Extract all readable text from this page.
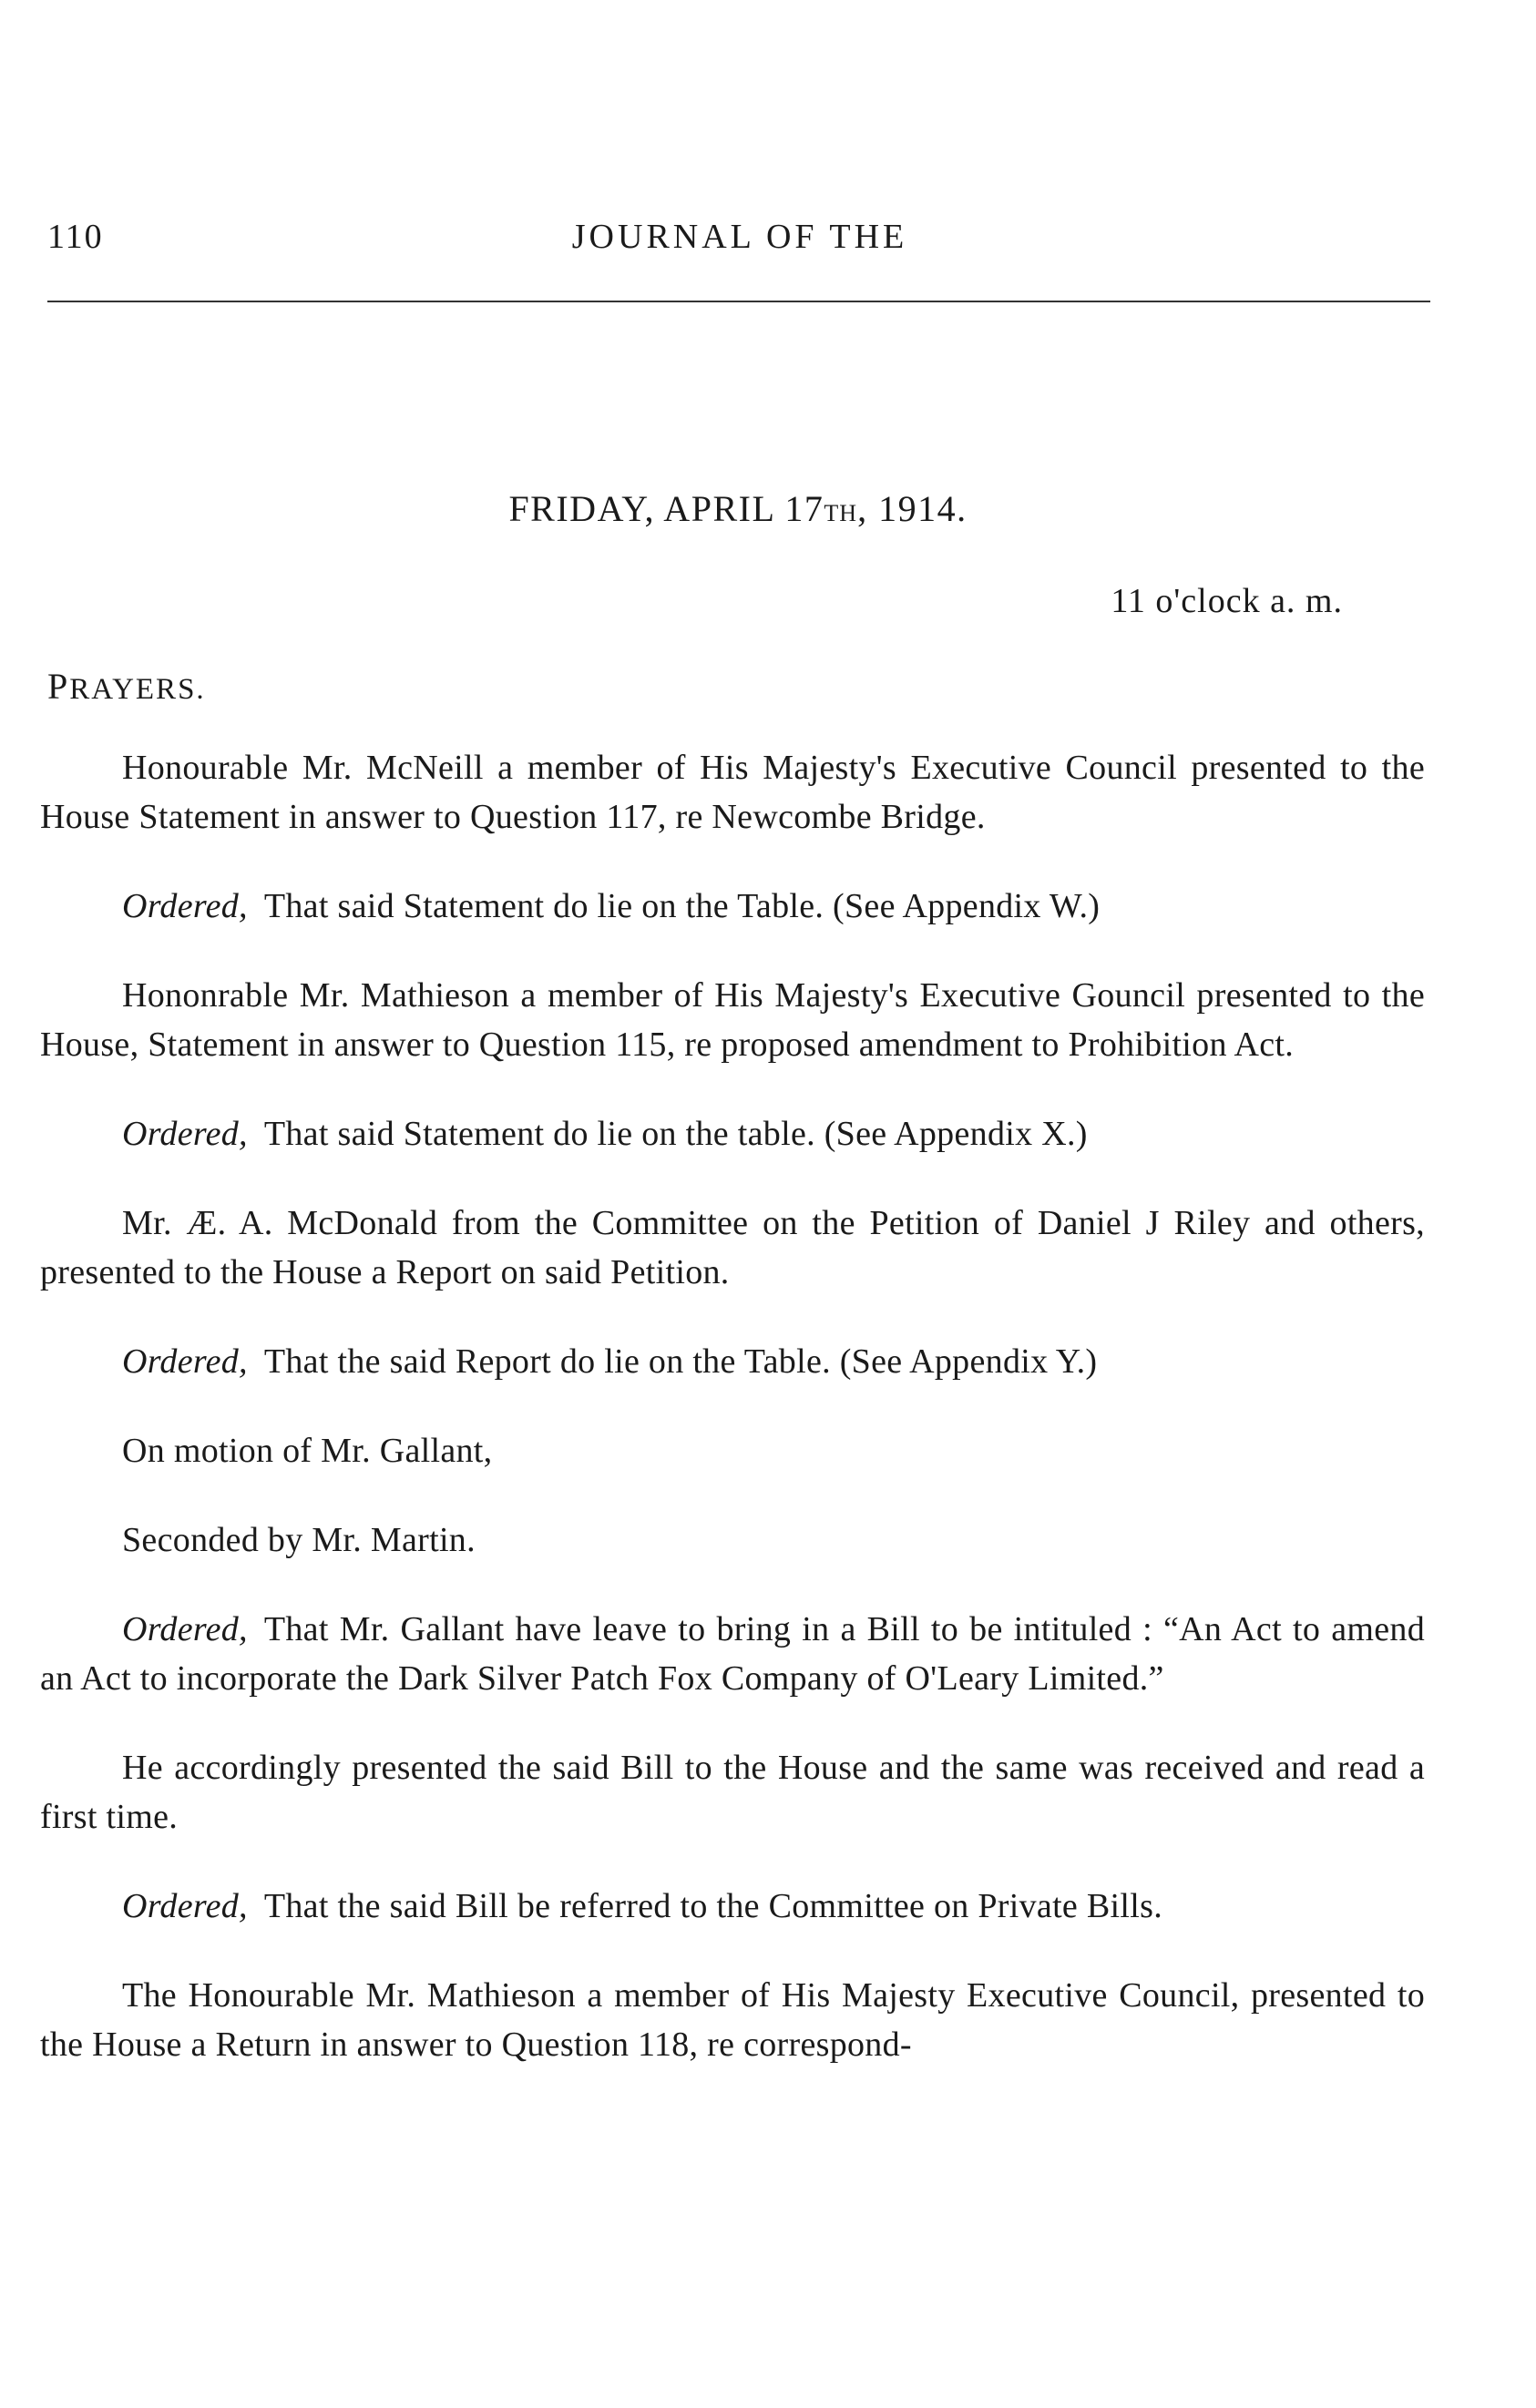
110	JOURNAL OF THE
FRIDAY, APRIL 17TH, 1914.
11 o'clock a. m.
PRAYERS.

Honourable Mr. McNeill a member of His Majesty's Executive Council presented to the House Statement in answer to Question 117, re Newcombe Bridge.

Ordered, That said Statement do lie on the Table. (See Appendix W.)

Hononrable Mr. Mathieson a member of His Majesty's Executive Gouncil presented to the House, Statement in answer to Question 115, re proposed amendment to Prohibition Act.

Ordered, That said Statement do lie on the table. (See Appendix X.)

Mr. Æ. A. McDonald from the Committee on the Petition of Daniel J Riley and others, presented to the House a Report on said Petition.

Ordered, That the said Report do lie on the Table. (See Appendix Y.)

On motion of Mr. Gallant,

Seconded by Mr. Martin.

Ordered, That Mr. Gallant have leave to bring in a Bill to be intituled : “An Act to amend an Act to incorporate the Dark Silver Patch Fox Company of O'Leary Limited.”

He accordingly presented the said Bill to the House and the same was received and read a first time.

Ordered, That the said Bill be referred to the Committee on Private Bills.

The Honourable Mr. Mathieson a member of His Majesty Executive Council, presented to the House a Return in answer to Question 118, re correspond-
